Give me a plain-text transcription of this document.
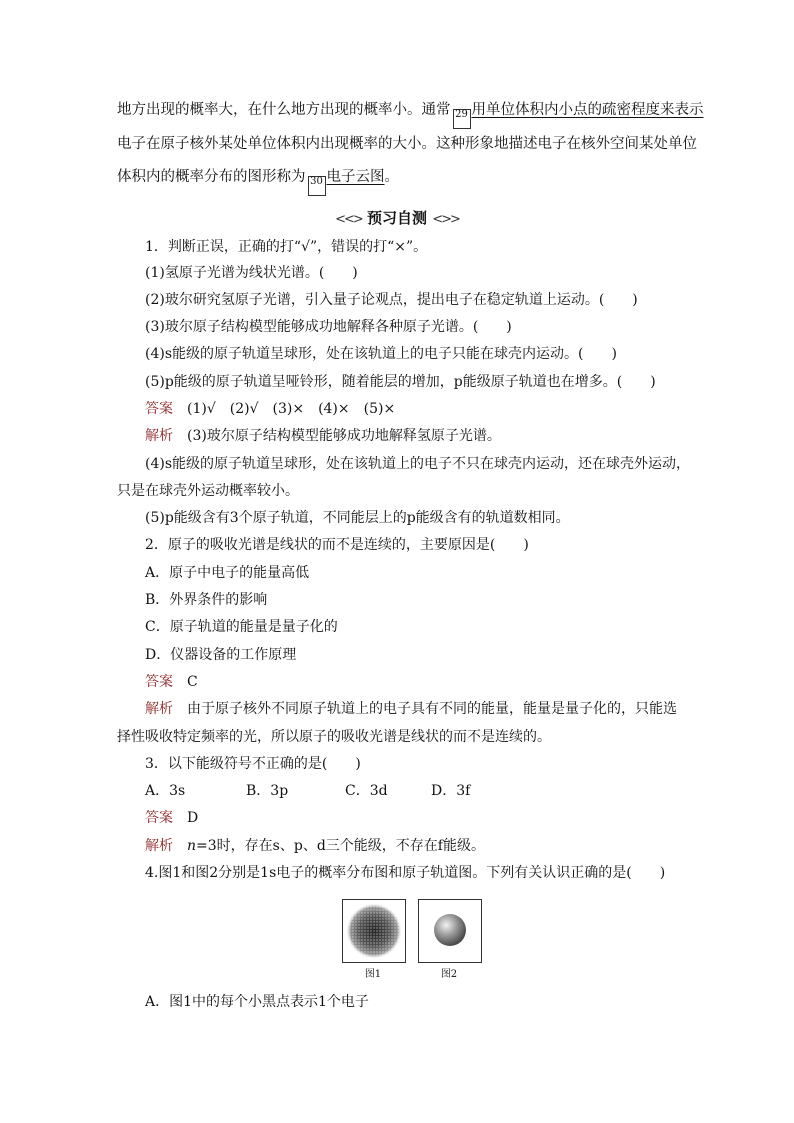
地方出现的概率大，在什么地方出现的概率小。通常 29 用单位体积内小点的疏密程度来表示
电子在原子核外某处单位体积内出现概率的大小。这种形象地描述电子在核外空间某处单位
体积内的概率分布的图形称为 30 电子云图。
<<> 预习自测 <>>
1．判断正误，正确的打“√”，错误的打“×”。
(1)氢原子光谱为线状光谱。(　　)
(2)玻尔研究氢原子光谱，引入量子论观点，提出电子在稳定轨道上运动。(　　)
(3)玻尔原子结构模型能够成功地解释各种原子光谱。(　　)
(4)s能级的原子轨道呈球形，处在该轨道上的电子只能在球壳内运动。(　　)
(5)p能级的原子轨道呈哑铃形，随着能层的增加，p能级原子轨道也在增多。(　　)
答案 (1)√　(2)√　(3)×　(4)×　(5)×
解析 (3)玻尔原子结构模型能够成功地解释氢原子光谱。
(4)s能级的原子轨道呈球形，处在该轨道上的电子不只在球壳内运动，还在球壳外运动，
只是在球壳外运动概率较小。
(5)p能级含有3个原子轨道，不同能层上的p能级含有的轨道数相同。
2．原子的吸收光谱是线状的而不是连续的，主要原因是(　　)
A．原子中电子的能量高低
B．外界条件的影响
C．原子轨道的能量是量子化的
D．仪器设备的工作原理
答案 C
解析 由于原子核外不同原子轨道上的电子具有不同的能量，能量是量子化的，只能选
择性吸收特定频率的光，所以原子的吸收光谱是线状的而不是连续的。
3．以下能级符号不正确的是(　　)
A．3s	B．3p	C．3d	D．3f
答案 D
解析 n=3时，存在s、p、d三个能级，不存在f能级。
4.图1和图2分别是1s电子的概率分布图和原子轨道图。下列有关认识正确的是(　　)
图1	图2
A．图1中的每个小黑点表示1个电子
